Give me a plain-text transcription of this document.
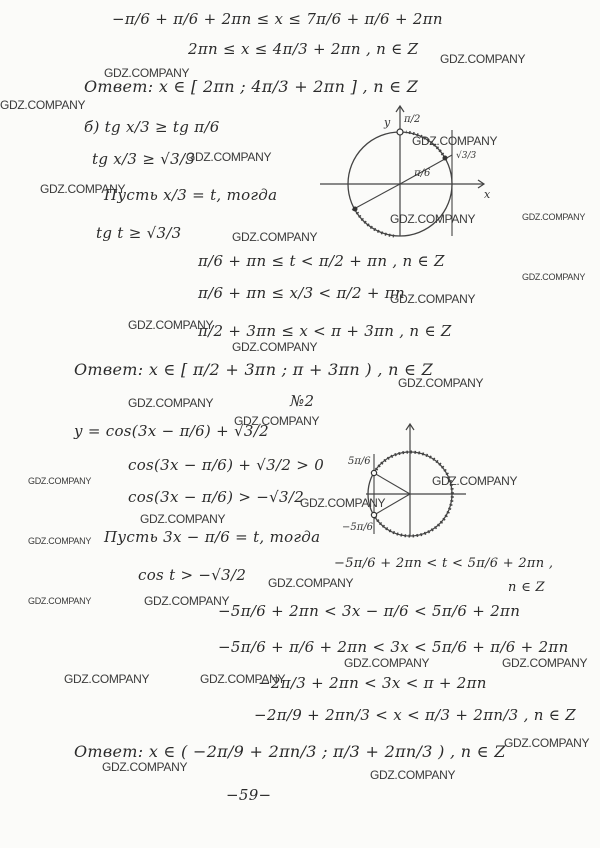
−π/6 + π/6 + 2πn ≤ x ≤ 7π/6 + π/6 + 2πn
2πn ≤ x ≤ 4π/3 + 2πn , n ∈ Z
Ответ: x ∈ [ 2πn ; 4π/3 + 2πn ] , n ∈ Z
б) tg x/3 ≥ tg π/6
tg x/3 ≥ √3/3
Пусть x/3 = t, тогда
tg t ≥ √3/3
π/6 + πn ≤ t < π/2 + πn , n ∈ Z
π/6 + πn ≤ x/3 < π/2 + πn
π/2 + 3πn ≤ x < π + 3πn , n ∈ Z
Ответ: x ∈ [ π/2 + 3πn ; π + 3πn ) , n ∈ Z
№2
y = cos(3x − π/6) + √3/2
cos(3x − π/6) + √3/2 > 0
cos(3x − π/6) > −√3/2
Пусть 3x − π/6 = t, тогда
cos t > −√3/2
−5π/6 + 2πn < t < 5π/6 + 2πn ,
n ∈ Z
−5π/6 + 2πn < 3x − π/6 < 5π/6 + 2πn
−5π/6 + π/6 + 2πn < 3x < 5π/6 + π/6 + 2πn
−2π/3 + 2πn < 3x < π + 2πn
−2π/9 + 2πn/3 < x < π/3 + 2πn/3 , n ∈ Z
Ответ: x ∈ ( −2π/9 + 2πn/3 ; π/3 + 2πn/3 ) , n ∈ Z
−59−
y π/2
π/6
√3/3
x
5π/6
−5π/6
GDZ.COMPANY
GDZ.COMPANY
GDZ.COMPANY
GDZ.COMPANY
GDZ.COMPANY
GDZ.COMPANY
GDZ.COMPANY	GDZ.COMPANY
GDZ.COMPANY
GDZ.COMPANY
GDZ.COMPANY
GDZ.COMPANY
GDZ.COMPANY
GDZ.COMPANY
GDZ.COMPANY
GDZ.COMPANY
GDZ.COMPANY	GDZ.COMPANY
GDZ.COMPANY
GDZ.COMPANY
GDZ.COMPANY
GDZ.COMPANY
GDZ.COMPANY	GDZ.COMPANY
GDZ.COMPANY	GDZ.COMPANY
GDZ.COMPANY	GDZ.COMPANY
GDZ.COMPANY
GDZ.COMPANY
GDZ.COMPANY
